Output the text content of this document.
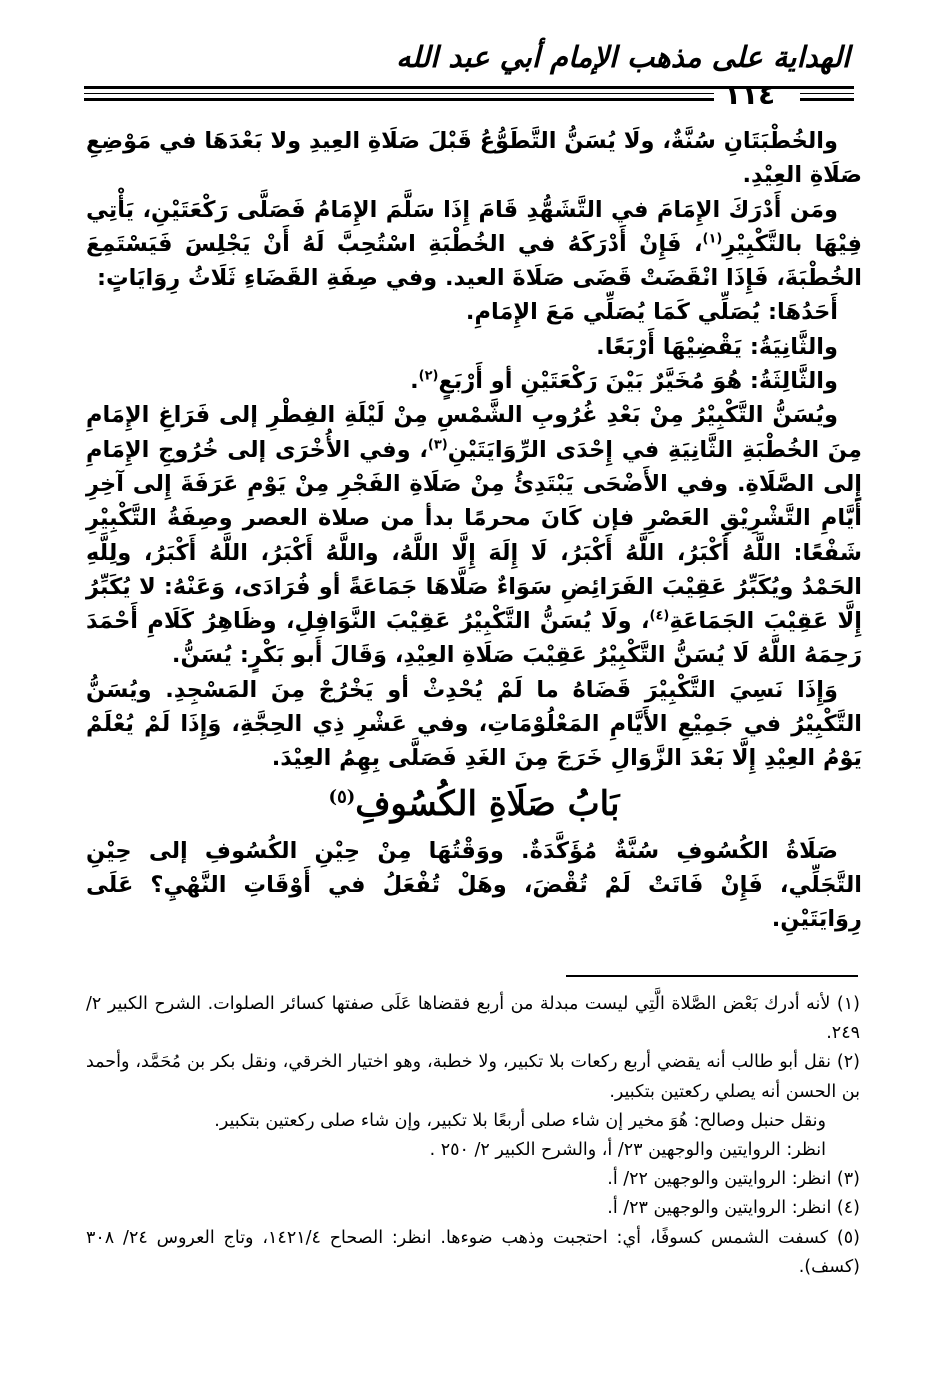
الهداية على مذهب الإمام أبي عبد الله
١١٤

والخُطْبَتَانِ سُنَّةٌ، ولَا يُسَنُّ التَّطَوُّعُ قَبْلَ صَلَاةِ العِيدِ ولا بَعْدَهَا في مَوْضِعِ صَلَاةِ العِيْدِ.

ومَن أَدْرَكَ الإِمَامَ في التَّشَهُّدِ قَامَ إِذَا سَلَّمَ الإِمَامُ فَصَلَّى رَكْعَتَيْنِ، يَأْتِي فِيْهَا بالتَّكْبِيْرِ$^{(١)}$، فَإِنْ أَدْرَكَهُ في الخُطْبَةِ اسْتُحِبَّ لَهُ أَنْ يَجْلِسَ فَيَسْتَمِعَ الخُطْبَةَ، فَإِذَا انْقَضَتْ قَضَى صَلَاةَ العيد. وفي صِفَةِ القَضَاءِ ثَلَاثُ رِوَايَاتٍ:

أَحَدُهَا: يُصَلِّي كَمَا يُصَلِّي مَعَ الإِمَامِ.

والثَّانِيَةُ: يَقْضِيْهَا أَرْبَعًا.

والثَّالِثَةُ: هُوَ مُخَيَّرٌ بَيْنَ رَكْعَتَيْنِ أو أَرْبَعٍ$^{(٢)}$.

ويُسَنُّ التَّكْبِيْرُ مِنْ بَعْدِ غُرُوبِ الشَّمْسِ مِنْ لَيْلَةِ الفِطْرِ إلى فَرَاغِ الإِمَامِ مِنَ الخُطْبَةِ الثَّانِيَةِ في إِحْدَى الرِّوَايَتَيْنِ$^{(٣)}$، وفي الأُخْرَى إلى خُرُوجِ الإِمَامِ إِلى الصَّلَاةِ. وفي الأَضْحَى يَبْتَدِئُ مِنْ صَلَاةِ الفَجْرِ مِنْ يَوْمِ عَرَفَةَ إِلى آخِرِ أَيَّامِ التَّشْرِيْقِ العَصْرِ فإن كَانَ محرمًا بدأ من صلاة العصر وصِفَةُ التَّكْبِيْرِ شَفْعًا: اللَّهُ أَكْبَرُ، اللَّهُ أَكْبَرُ، لَا إِلَهَ إِلَّا اللَّهُ، واللَّهُ أَكْبَرُ، اللَّهُ أَكْبَرُ، ولِلَّهِ الحَمْدُ ويُكَبِّرُ عَقِيْبَ الفَرَائِضِ سَوَاءٌ صَلَّاهَا جَمَاعَةً أو فُرَادَى، وَعَنْهُ: لا يُكَبِّرُ إِلَّا عَقِيْبَ الجَمَاعَةِ$^{(٤)}$، ولَا يُسَنُّ التَّكْبِيْرُ عَقِيْبَ النَّوَافِلِ، وظَاهِرُ كَلَامِ أَحْمَدَ رَحِمَهُ اللَّهُ لَا يُسَنُّ التَّكْبِيْرُ عَقِيْبَ صَلَاةِ العِيْدِ، وَقَالَ أَبو بَكْرٍ: يُسَنُّ.

وَإِذَا نَسِيَ التَّكْبِيْرَ قَضَاهُ ما لَمْ يُحْدِثْ أو يَخْرُجْ مِنَ المَسْجِدِ. ويُسَنُّ التَّكْبِيْرُ في جَمِيْعِ الأَيَّامِ المَعْلُوْمَاتِ، وفي عَشْرِ ذِي الحِجَّةِ، وَإِذَا لَمْ يُعْلَمْ يَوْمُ العِيْدِ إِلَّا بَعْدَ الزَّوَالِ خَرَجَ مِنَ الغَدِ فَصَلَّى بِهِمُ العِيْدَ.

بَابُ صَلَاةِ الكُسُوفِ$^{(٥)}$

صَلَاةُ الكُسُوفِ سُنَّةٌ مُؤَكَّدَةٌ. ووَقْتُهَا مِنْ حِيْنِ الكُسُوفِ إلى حِيْنِ التَّجَلِّي، فَإِنْ فَاتَتْ لَمْ تُقْضَ، وهَلْ تُفْعَلُ في أَوْقَاتِ النَّهْيِ؟ عَلَى رِوَايَتَيْنِ.

(١) لأنه أدرك بَعْض الصَّلاة الَّتِي ليست مبدلة من أربع فقضاها عَلَى صفتها كسائر الصلوات. الشرح الكبير ٢/ ٢٤٩.

(٢) نقل أبو طالب أنه يقضي أربع ركعات بلا تكبير، ولا خطبة، وهو اختيار الخرقي، ونقل بكر بن مُحَمَّد، وأحمد بن الحسن أنه يصلي ركعتين بتكبير.

ونقل حنبل وصالح: هُوَ مخير إن شاء صلى أربعًا بلا تكبير، وإن شاء صلى ركعتين بتكبير.

انظر: الروايتين والوجهين ٢٣/ أ، والشرح الكبير ٢/ ٢٥٠ .

(٣) انظر: الروايتين والوجهين ٢٢/ أ.

(٤) انظر: الروايتين والوجهين ٢٣/ أ.

(٥) كسفت الشمس كسوفًا، أي: احتجبت وذهب ضوءها. انظر: الصحاح ١٤٢١/٤، وتاج العروس ٢٤/ ٣٠٨ (كسف).
